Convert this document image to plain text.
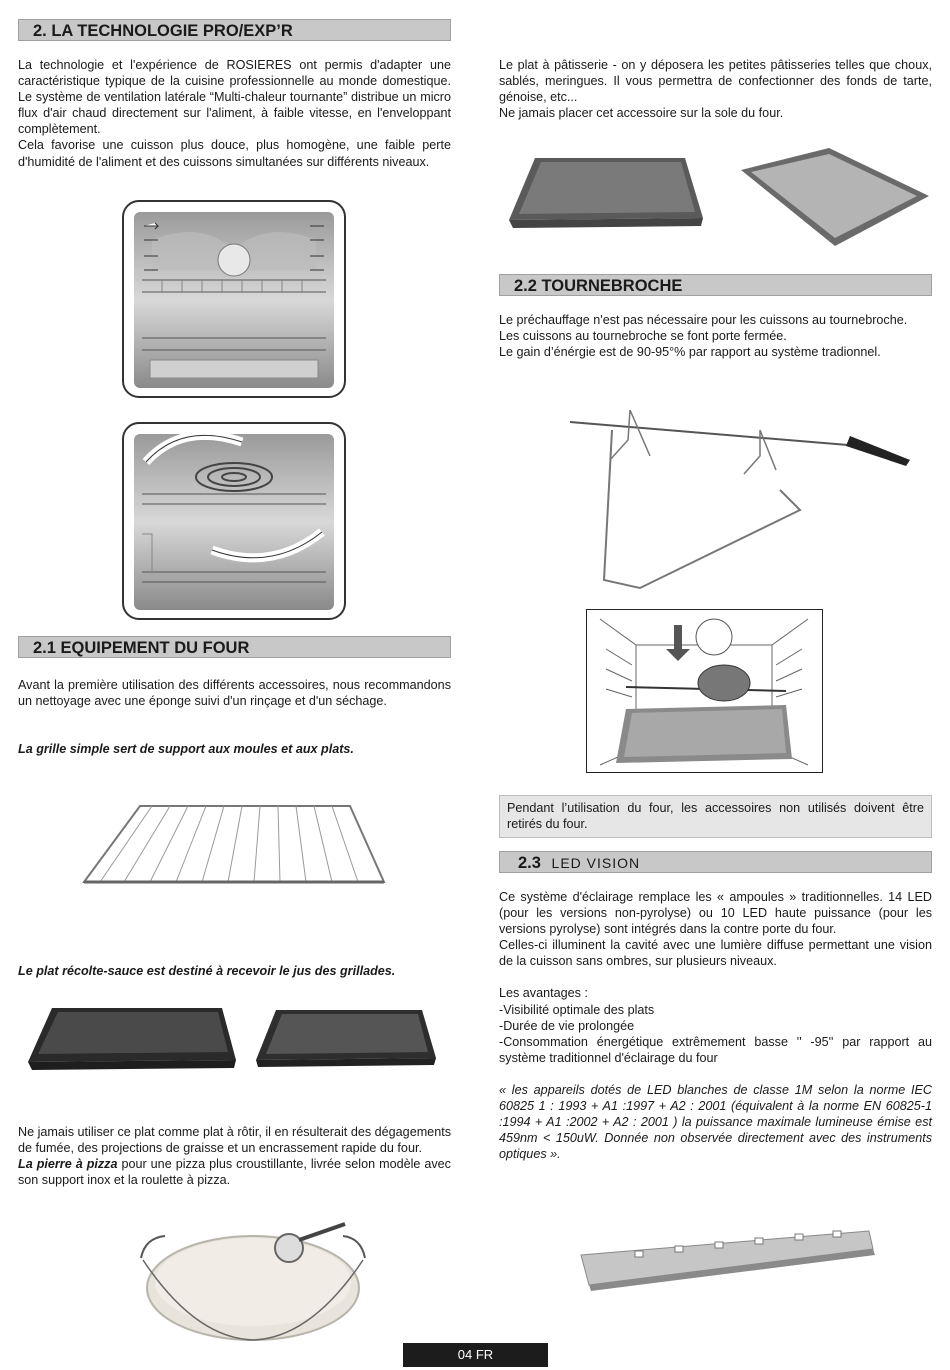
2. LA TECHNOLOGIE PRO/EXP’R

La technologie et l'expérience de ROSIERES ont permis d'adapter une caractéristique typique de la cuisine professionnelle au monde domestique. Le système de ventilation latérale “Multi-chaleur tournante” distribue un micro flux d'air chaud directement sur l'aliment, à faible vitesse, en l'enveloppant complètement.

Cela favorise une cuisson plus douce, plus homogène, une faible perte d'humidité de l'aliment et des cuissons simultanées sur différents niveaux.

2.1 EQUIPEMENT DU FOUR

Avant la première utilisation des différents accessoires, nous recommandons un nettoyage avec une éponge suivi d'un rinçage et d'un séchage.

La grille simple sert de support aux moules et aux plats.
Le plat récolte-sauce est destiné à recevoir le jus des grillades.

Ne jamais utiliser ce plat comme plat à rôtir, il en résulterait des dégagements de fumée, des projections de graisse et un encrassement rapide du four.

La pierre à pizza pour une pizza plus croustillante, livrée selon modèle avec son support inox et la roulette à pizza.

Le plat à pâtisserie - on y déposera les petites pâtisseries telles que choux, sablés, meringues. Il vous permettra de confectionner des fonds de tarte, génoise, etc...

Ne jamais placer cet accessoire sur la sole du four.

2.2 TOURNEBROCHE

Le préchauffage n'est pas nécessaire pour les cuissons au tournebroche.

Les cuissons au tournebroche se font porte fermée.

Le gain d’énérgie est de 90-95°% par rapport au système tradionnel.

Pendant l’utilisation du four, les accessoires non utilisés doivent être retirés du four.
2.3 LED VISION

Ce système d'éclairage remplace les « ampoules » traditionnelles. 14 LED (pour les versions non-pyrolyse) ou 10 LED haute puissance (pour les versions pyrolyse) sont intégrés dans la contre porte du four.

Celles-ci illuminent la cavité avec une lumière diffuse permettant une vision de la cuisson sans ombres, sur plusieurs niveaux.

Les avantages :

-Visibilité optimale des plats

-Durée de vie prolongée

-Consommation énergétique extrêmement basse '' -95'' par rapport au système traditionnel d'éclairage du four

« les appareils dotés de LED blanches de classe 1M selon la norme IEC 60825 1 : 1993 + A1 :1997 + A2 : 2001 (équivalent à la norme EN 60825-1 :1994 + A1 :2002 + A2 : 2001 ) la puissance maximale lumineuse émise est 459nm < 150uW. Donnée non observée directement avec des instruments optiques ».

04 FR
